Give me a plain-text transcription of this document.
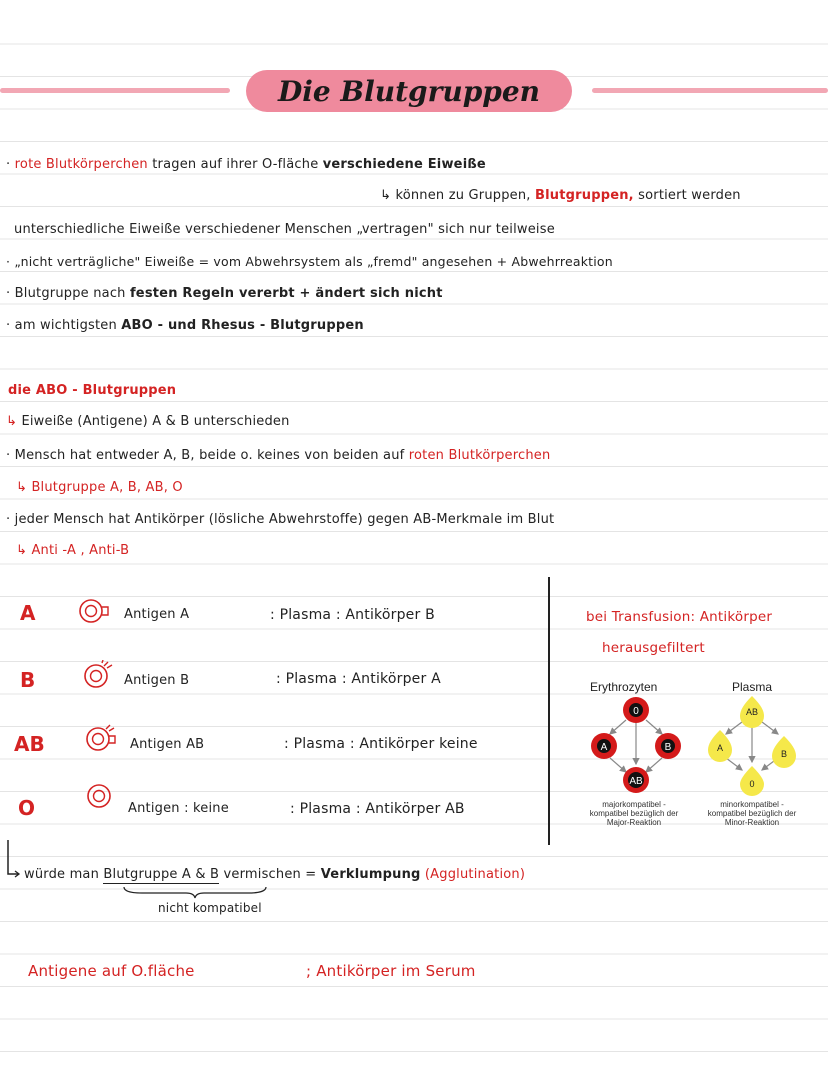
Die Blutgruppen
· rote Blutkörperchen tragen auf ihrer O-fläche verschiedene Eiweiße
↳ können zu Gruppen, Blutgruppen, sortiert werden
unterschiedliche Eiweiße verschiedener Menschen „vertragen" sich nur teilweise
· „nicht verträgliche" Eiweiße = vom Abwehrsystem als „fremd" angesehen + Abwehrreaktion
· Blutgruppe nach festen Regeln vererbt + ändert sich nicht
· am wichtigsten ABO - und Rhesus - Blutgruppen
die ABO - Blutgruppen
↳ Eiweiße (Antigene) A & B unterschieden
· Mensch hat entweder A, B, beide o. keines von beiden auf roten Blutkörperchen
↳ Blutgruppe A, B, AB, O
· jeder Mensch hat Antikörper (lösliche Abwehrstoffe) gegen AB-Merkmale im Blut
↳ Anti -A , Anti-B
A	Antigen A	: Plasma : Antikörper B
B	Antigen B	: Plasma : Antikörper A
AB	Antigen AB	: Plasma : Antikörper keine
O	Antigen : keine	: Plasma : Antikörper AB
bei Transfusion: Antikörper
herausgefiltert
Erythrozyten	Plasma
0
A	B
AB
AB
A
B
0
majorkompatibel - kompatibel bezüglich der Major-Reaktion
minorkompatibel - kompatibel bezüglich der Minor-Reaktion
würde man Blutgruppe A & B vermischen = Verklumpung (Agglutination)
nicht kompatibel
Antigene auf O.fläche	; Antikörper im Serum
